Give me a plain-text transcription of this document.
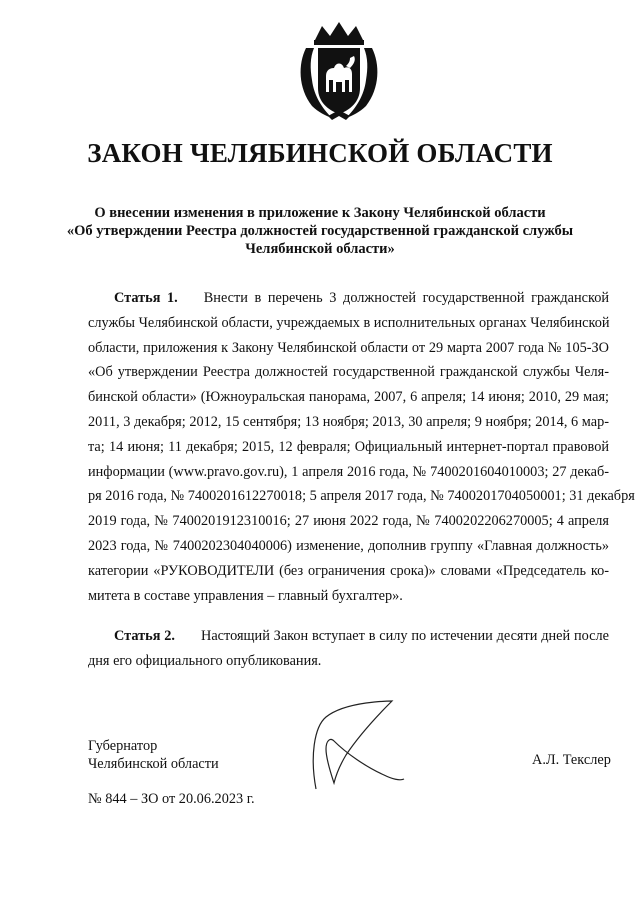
ЗАКОН ЧЕЛЯБИНСКОЙ ОБЛАСТИ
О внесении изменения в приложение к Закону Челябинской области
«Об утверждении Реестра должностей государственной гражданской службы
Челябинской области»
Статья 1. Внести в перечень 3 должностей государственной гражданской
службы Челябинской области, учреждаемых в исполнительных органах Челябинской
области, приложения к Закону Челябинской области от 29 марта 2007 года № 105-ЗО
«Об утверждении Реестра должностей государственной гражданской службы Челя-
бинской области» (Южноуральская панорама, 2007, 6 апреля; 14 июня; 2010, 29 мая;
2011, 3 декабря; 2012, 15 сентября; 13 ноября; 2013, 30 апреля; 9 ноября; 2014, 6 мар-
та; 14 июня; 11 декабря; 2015, 12 февраля; Официальный интернет-портал правовой
информации (www.pravo.gov.ru), 1 апреля 2016 года, № 7400201604010003; 27 декаб-
ря 2016 года, № 7400201612270018; 5 апреля 2017 года, № 7400201704050001; 31 декабря
2019 года, № 7400201912310016; 27 июня 2022 года, № 7400202206270005; 4 апреля
2023 года, № 7400202304040006) изменение, дополнив группу «Главная должность»
категории «РУКОВОДИТЕЛИ (без ограничения срока)» словами «Председатель ко-
митета в составе управления – главный бухгалтер».
Статья 2. Настоящий Закон вступает в силу по истечении десяти дней после
дня его официального опубликования.
Губернатор
Челябинской области	А.Л. Текслер
№ 844 – ЗО от 20.06.2023 г.
